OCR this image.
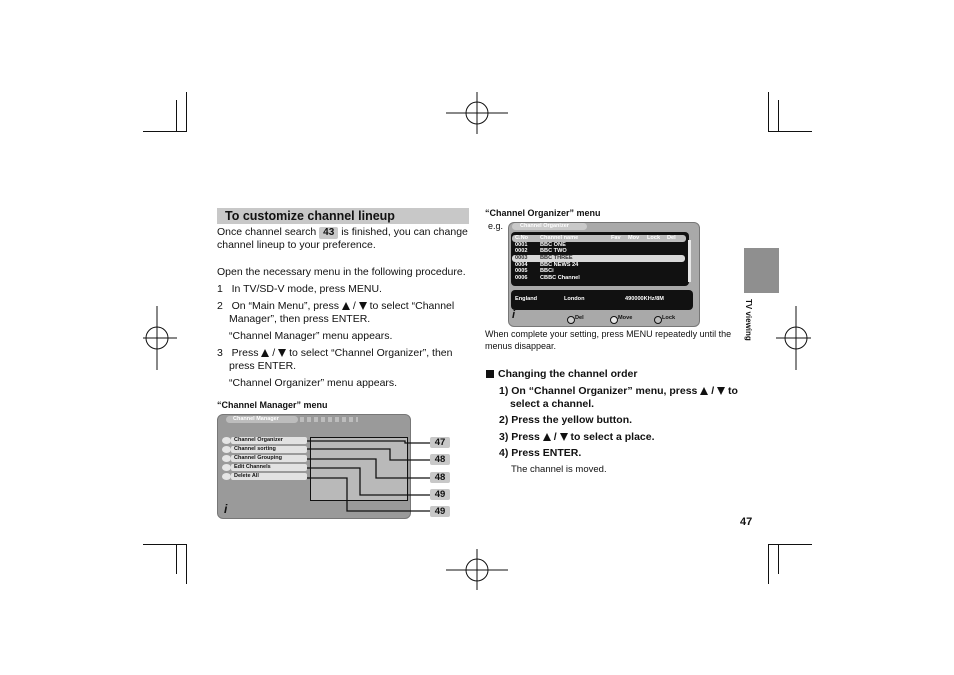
To customize channel lineup
Once channel search 43 is finished, you can change
channel lineup to your preference.
Open the necessary menu in the following procedure.
1 In TV/SD-V mode, press MENU.
2 On “Main Menu”, press / to select “Channel
Manager”, then press ENTER.
“Channel Manager” menu appears.
3 Press / to select “Channel Organizer”, then
press ENTER.
“Channel Organizer” menu appears.
“Channel Manager” menu
Channel Manager
Channel Organizer
Channel sorting
Channel Grouping
Edit Channels
Delete All
i
47
48
48
49
49
“Channel Organizer” menu
e.g.	Channel Organizer
C.No Channel name	Fav Mov Lock Del
0001 BBC ONE
0002 BBC TWO
0003 BBC THREE
0004 BBC NEWS 24
0005 BBCi
0006 CBBC Channel
England	London	490000KHz/8M
i	Del	Move	Lock
When complete your setting, press MENU repeatedly until the
menus disappear.
Changing the channel order
1) On “Channel Organizer” menu, press / to
select a channel.
2) Press the yellow button.
3) Press / to select a place.
4) Press ENTER.
The channel is moved.
TV viewing
47
